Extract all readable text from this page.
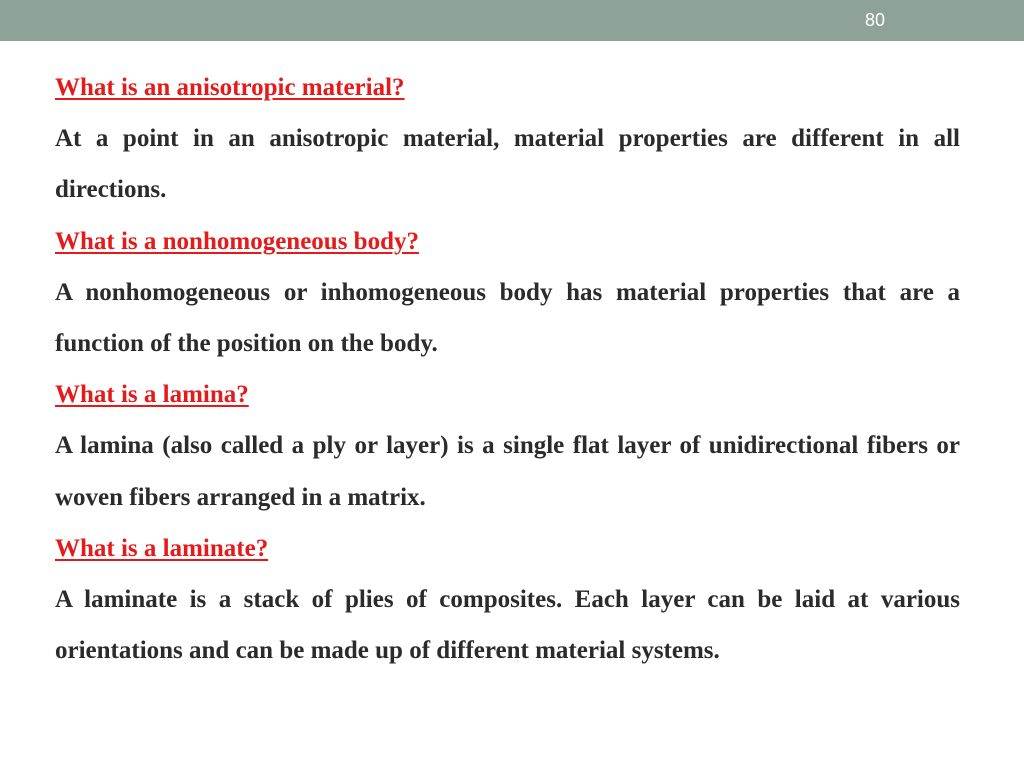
80

What is an anisotropic material?

At a point in an anisotropic material, material properties are different in all directions.

What is a nonhomogeneous body?

A nonhomogeneous or inhomogeneous body has material properties that are a function of the position on the body.

What is a lamina?

A lamina (also called a ply or layer) is a single flat layer of unidirectional fibers or woven fibers arranged in a matrix.

What is a laminate?

A laminate is a stack of plies of composites. Each layer can be laid at various orientations and can be made up of different material systems.
